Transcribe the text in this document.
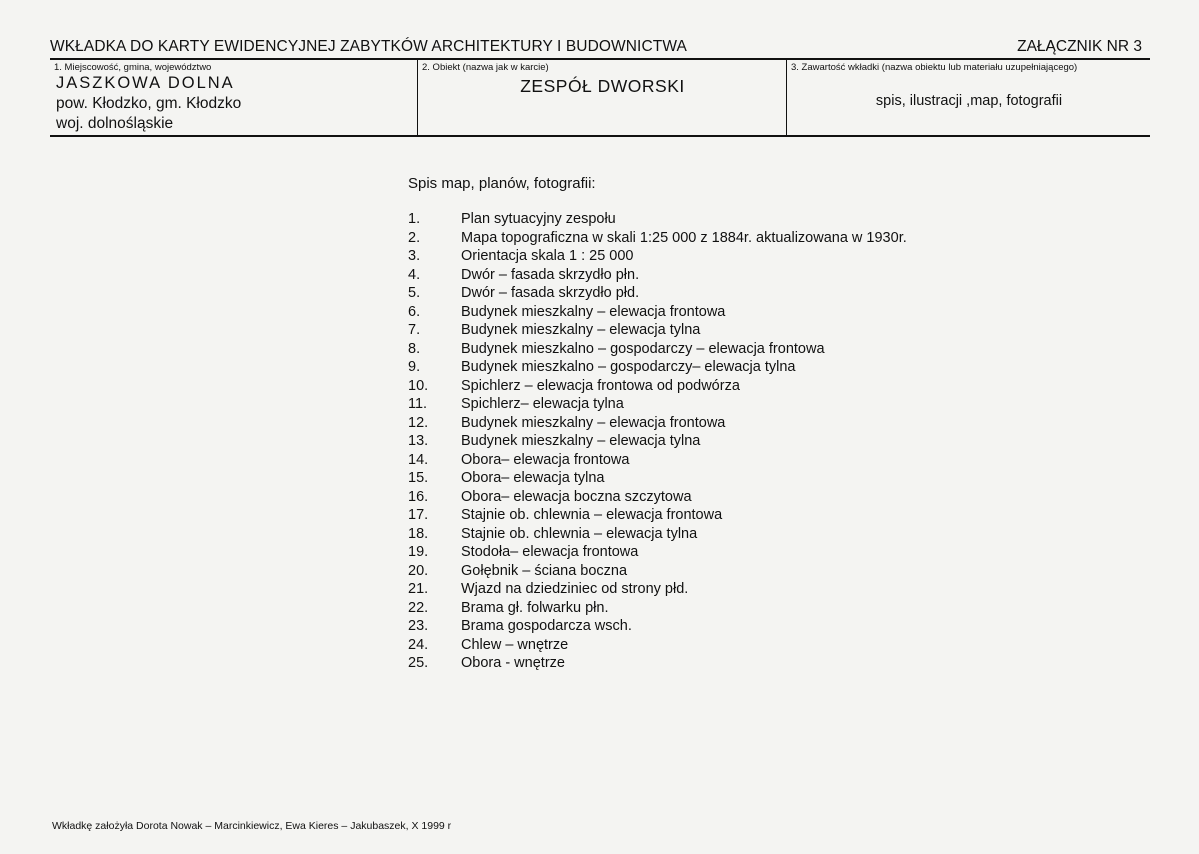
WKŁADKA DO KARTY EWIDENCYJNEJ ZABYTKÓW ARCHITEKTURY I BUDOWNICTWA	ZAŁĄCZNIK NR 3
1. Miejscowość, gmina, województwo
JASZKOWA DOLNA
pow. Kłodzko, gm. Kłodzko
woj. dolnośląskie
2. Obiekt (nazwa jak w karcie)
ZESPÓŁ DWORSKI
3. Zawartość wkładki (nazwa obiektu lub materiału uzupełniającego)
spis, ilustracji ,map, fotografii
Spis map, planów, fotografii:
1.	Plan sytuacyjny zespołu
2.	Mapa topograficzna w skali 1:25 000 z 1884r. aktualizowana w 1930r.
3.	Orientacja skala 1 : 25 000
4.	Dwór – fasada skrzydło płn.
5.	Dwór – fasada skrzydło płd.
6.	Budynek mieszkalny – elewacja frontowa
7.	Budynek mieszkalny – elewacja tylna
8.	Budynek mieszkalno – gospodarczy – elewacja frontowa
9.	Budynek mieszkalno – gospodarczy– elewacja tylna
10.	Spichlerz – elewacja frontowa od podwórza
11.	Spichlerz– elewacja tylna
12.	Budynek mieszkalny – elewacja frontowa
13.	Budynek mieszkalny – elewacja tylna
14.	Obora– elewacja frontowa
15.	Obora– elewacja tylna
16.	Obora– elewacja boczna szczytowa
17.	Stajnie ob. chlewnia – elewacja frontowa
18.	Stajnie ob. chlewnia – elewacja tylna
19.	Stodoła– elewacja frontowa
20.	Gołębnik – ściana boczna
21.	Wjazd na dziedziniec od strony płd.
22.	Brama gł. folwarku płn.
23.	Brama gospodarcza wsch.
24.	Chlew – wnętrze
25.	Obora - wnętrze
Wkładkę założyła Dorota Nowak – Marcinkiewicz, Ewa Kieres – Jakubaszek, X 1999 r
